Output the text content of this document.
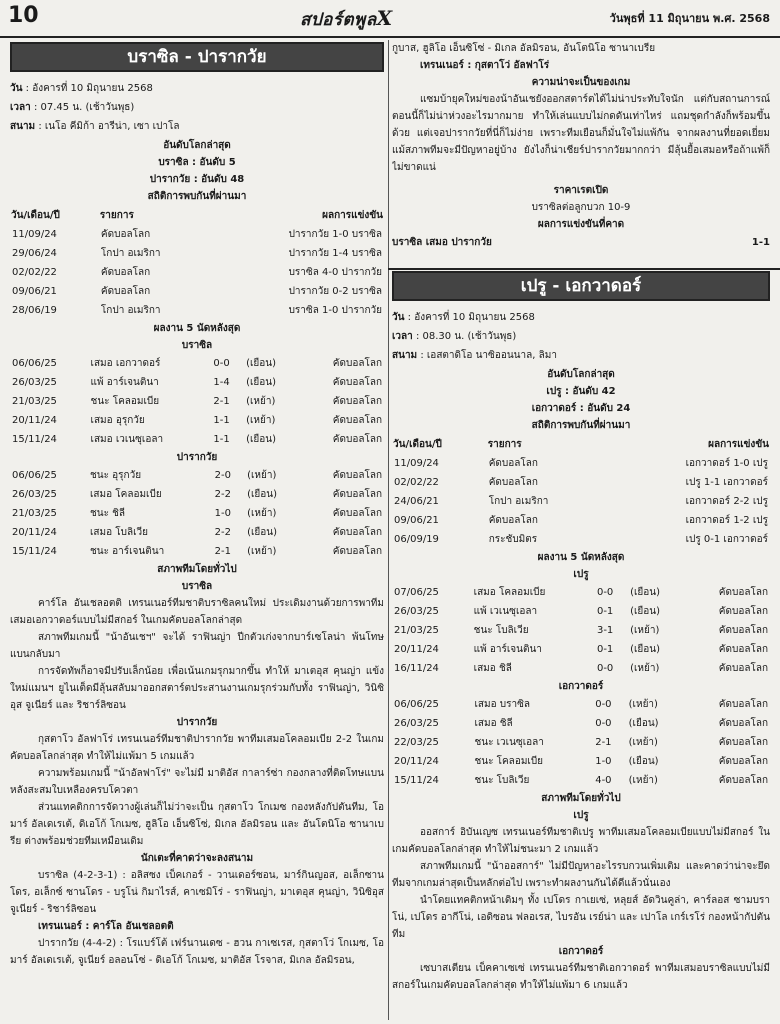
10	สปอร์ตพูลX	วันพุธที่ 11 มิถุนายน พ.ศ. 2568
บราซิล - ปารากวัย
วัน : อังคารที่ 10 มิถุนายน 2568
เวลา : 07.45 น. (เช้าวันพุธ)
สนาม : เนโอ คีมิก้า อารีน่า, เซา เปาโล
อันดับโลกล่าสุด
บราซิล : อันดับ 5
ปารากวัย : อันดับ 48
สถิติการพบกันที่ผ่านมา
วัน/เดือน/ปี	รายการ	ผลการแข่งขัน
11/09/24	คัดบอลโลก	ปารากวัย 1-0 บราซิล
29/06/24	โกปา อเมริกา	ปารากวัย 1-4 บราซิล
02/02/22	คัดบอลโลก	บราซิล 4-0 ปารากวัย
09/06/21	คัดบอลโลก	ปารากวัย 0-2 บราซิล
28/06/19	โกปา อเมริกา	บราซิล 1-0 ปารากวัย
ผลงาน 5 นัดหลังสุด
บราซิล
06/06/25	เสมอ เอกวาดอร์	0-0	(เยือน)	คัดบอลโลก
26/03/25	แพ้ อาร์เจนตินา	1-4	(เยือน)	คัดบอลโลก
21/03/25	ชนะ โคลอมเบีย	2-1	(เหย้า)	คัดบอลโลก
20/11/24	เสมอ อุรุกวัย	1-1	(เหย้า)	คัดบอลโลก
15/11/24	เสมอ เวเนซุเอลา	1-1	(เยือน)	คัดบอลโลก
ปารากวัย
06/06/25	ชนะ อุรุกวัย	2-0	(เหย้า)	คัดบอลโลก
26/03/25	เสมอ โคลอมเบีย	2-2	(เยือน)	คัดบอลโลก
21/03/25	ชนะ ชิลี	1-0	(เหย้า)	คัดบอลโลก
20/11/24	เสมอ โบลิเวีย	2-2	(เยือน)	คัดบอลโลก
15/11/24	ชนะ อาร์เจนตินา	2-1	(เหย้า)	คัดบอลโลก
สภาพทีมโดยทั่วไป
บราซิล

คาร์โล อันเชลอตติ เทรนเนอร์ทีมชาติบราซิลคนใหม่ ประเดิมงานด้วยการพาทีมเสมอเอกวาดอร์แบบไม่มีสกอร์ ในเกมคัดบอลโลกล่าสุด

สภาพทีมเกมนี้ "น้าอันเชฯ" จะได้ ราฟินญ่า ปีกตัวเก่งจากบาร์เซโลน่า พ้นโทษแบนกลับมา

การจัดทัพก็อาจมีปรับเล็กน้อย เพื่อเน้นเกมรุกมากขึ้น ทำให้ มาเตอุส คุนญ่า แข้งใหม่แมนฯ ยูไนเต็ดมีลุ้นสลับมาออกสตาร์ตประสานงานเกมรุกร่วมกับทั้ง ราฟินญ่า, วินิซิอุส จูเนียร์ และ ริชาร์ลิซอน

ปารากวัย

กุสตาโว อัลฟาโร่ เทรนเนอร์ทีมชาติปารากวัย พาทีมเสมอโคลอมเบีย 2-2 ในเกมคัดบอลโลกล่าสุด ทำให้ไม่แพ้มา 5 เกมแล้ว

ความพร้อมเกมนี้ "น้าอัลฟาโร่" จะไม่มี มาติอัส กาลาร์ซ่า กองกลางที่ติดโทษแบน หลังสะสมใบเหลืองครบโควตา

ส่วนแทคติกการจัดวางผู้เล่นก็ไม่ว่าจะเป็น กุสตาโว โกเมซ กองหลังกัปตันทีม, โอมาร์ อัลเดเรเต้, ดิเอโก้ โกเมซ, ฮูลิโอ เอ็นซิโซ่, มิเกล อัลมิรอน และ อันโตนิโอ ซานาเบรีย ต่างพร้อมช่วยทีมเหมือนเดิม

นักเตะที่คาดว่าจะลงสนาม

บราซิล (4-2-3-1) : อลิสซง เบ็คเกอร์ - วานเดอร์ซอน, มาร์กินญอส, อเล็กซานโดร, อเล็กซ์ ซานโดร - บรูโน่ กิมาไรส์, คาเซมิโร่ - ราฟินญ่า, มาเตอุส คุนญ่า, วินิซิอุส จูเนียร์ - ริชาร์ลิซอน

เทรนเนอร์ : คาร์โล อันเชลอตติ

ปารากวัย (4-4-2) : โรแบร์โต้ เฟร์นานเดซ - ฮวน กาเซเรส, กุสตาโว่ โกเมซ, โอมาร์ อัลเดเรเต้, จูเนียร์ อลอนโซ่ - ดิเอโก้ โกเมซ, มาติอัส โรจาส, มิเกล อัลมิรอน,

กูบาส, ฮูลิโอ เอ็นซิโซ่ - มิเกล อัลมิรอน, อันโตนิโอ ซานาเบรีย

เทรนเนอร์ : กุสตาโว่ อัลฟาโร่

ความน่าจะเป็นของเกม

แซมบ้ายุคใหม่ของน้าอันเชยังออกสตาร์ตได้ไม่น่าประทับใจนัก แต่กับสถานการณ์ตอนนี้ก็ไม่น่าห่วงอะไรมากมาย ทำให้เล่นแบบไม่กดดันเท่าไหร่ แถมชุดกำลังก็พร้อมขึ้นด้วย แต่เจอปารากวัยที่นี่ก็ไม่ง่าย เพราะทีมเยือนก็มั่นใจไม่แพ้กัน จากผลงานที่ยอดเยี่ยม แม้สภาพทีมจะมีปัญหาอยู่บ้าง ยังไงก็น่าเชียร์ปารากวัยมากกว่า มีลุ้นยื้อเสมอหรือถ้าแพ้ก็ไม่ขาดแน่

ราคาเรตเปิด
บราซิลต่อลูกบวก 10-9
ผลการแข่งขันที่คาด
บราซิล เสมอ ปารากวัย	1-1
เปรู - เอกวาดอร์
วัน : อังคารที่ 10 มิถุนายน 2568
เวลา : 08.30 น. (เช้าวันพุธ)
สนาม : เอสตาดิโอ นาซิออนนาล, ลิมา
อันดับโลกล่าสุด
เปรู : อันดับ 42
เอกวาดอร์ : อันดับ 24
สถิติการพบกันที่ผ่านมา
วัน/เดือน/ปี	รายการ	ผลการแข่งขัน
11/09/24	คัดบอลโลก	เอกวาดอร์ 1-0 เปรู
02/02/22	คัดบอลโลก	เปรู 1-1 เอกวาดอร์
24/06/21	โกปา อเมริกา	เอกวาดอร์ 2-2 เปรู
09/06/21	คัดบอลโลก	เอกวาดอร์ 1-2 เปรู
06/09/19	กระชับมิตร	เปรู 0-1 เอกวาดอร์
ผลงาน 5 นัดหลังสุด
เปรู
07/06/25	เสมอ โคลอมเบีย	0-0	(เยือน)	คัดบอลโลก
26/03/25	แพ้ เวเนซุเอลา	0-1	(เยือน)	คัดบอลโลก
21/03/25	ชนะ โบลิเวีย	3-1	(เหย้า)	คัดบอลโลก
20/11/24	แพ้ อาร์เจนตินา	0-1	(เยือน)	คัดบอลโลก
16/11/24	เสมอ ชิลี	0-0	(เหย้า)	คัดบอลโลก
เอกวาดอร์
06/06/25	เสมอ บราซิล	0-0	(เหย้า)	คัดบอลโลก
26/03/25	เสมอ ชิลี	0-0	(เยือน)	คัดบอลโลก
22/03/25	ชนะ เวเนซุเอลา	2-1	(เหย้า)	คัดบอลโลก
20/11/24	ชนะ โคลอมเบีย	1-0	(เยือน)	คัดบอลโลก
15/11/24	ชนะ โบลิเวีย	4-0	(เหย้า)	คัดบอลโลก
สภาพทีมโดยทั่วไป
เปรู

ออสการ์ อิบันเญซ เทรนเนอร์ทีมชาติเปรู พาทีมเสมอโคลอมเบียแบบไม่มีสกอร์ ในเกมคัดบอลโลกล่าสุด ทำให้ไม่ชนะมา 2 เกมแล้ว

สภาพทีมเกมนี้ "น้าออสการ์" ไม่มีปัญหาอะไรรบกวนเพิ่มเติม และคาดว่าน่าจะยึดทีมจากเกมล่าสุดเป็นหลักต่อไป เพราะทำผลงานกันได้ดีแล้วนั่นเอง

นำโดยแทคติกหน้าเดิมๆ ทั้ง เปโดร กาเยเซ่, หลุยส์ อัดวินคูล่า, คาร์ลอส ซามบราโน่, เปโดร อากีโน่, เอดิซอน ฟลอเรส, ไบรอัน เรย์น่า และ เปาโล เกร์เรโร่ กองหน้ากัปตันทีม

เอกวาดอร์

เซบาสเตียน เบ็คคาเซเซ่ เทรนเนอร์ทีมชาติเอกวาดอร์ พาทีมเสมอบราซิลแบบไม่มีสกอร์ในเกมคัดบอลโลกล่าสุด ทำให้ไม่แพ้มา 6 เกมแล้ว
